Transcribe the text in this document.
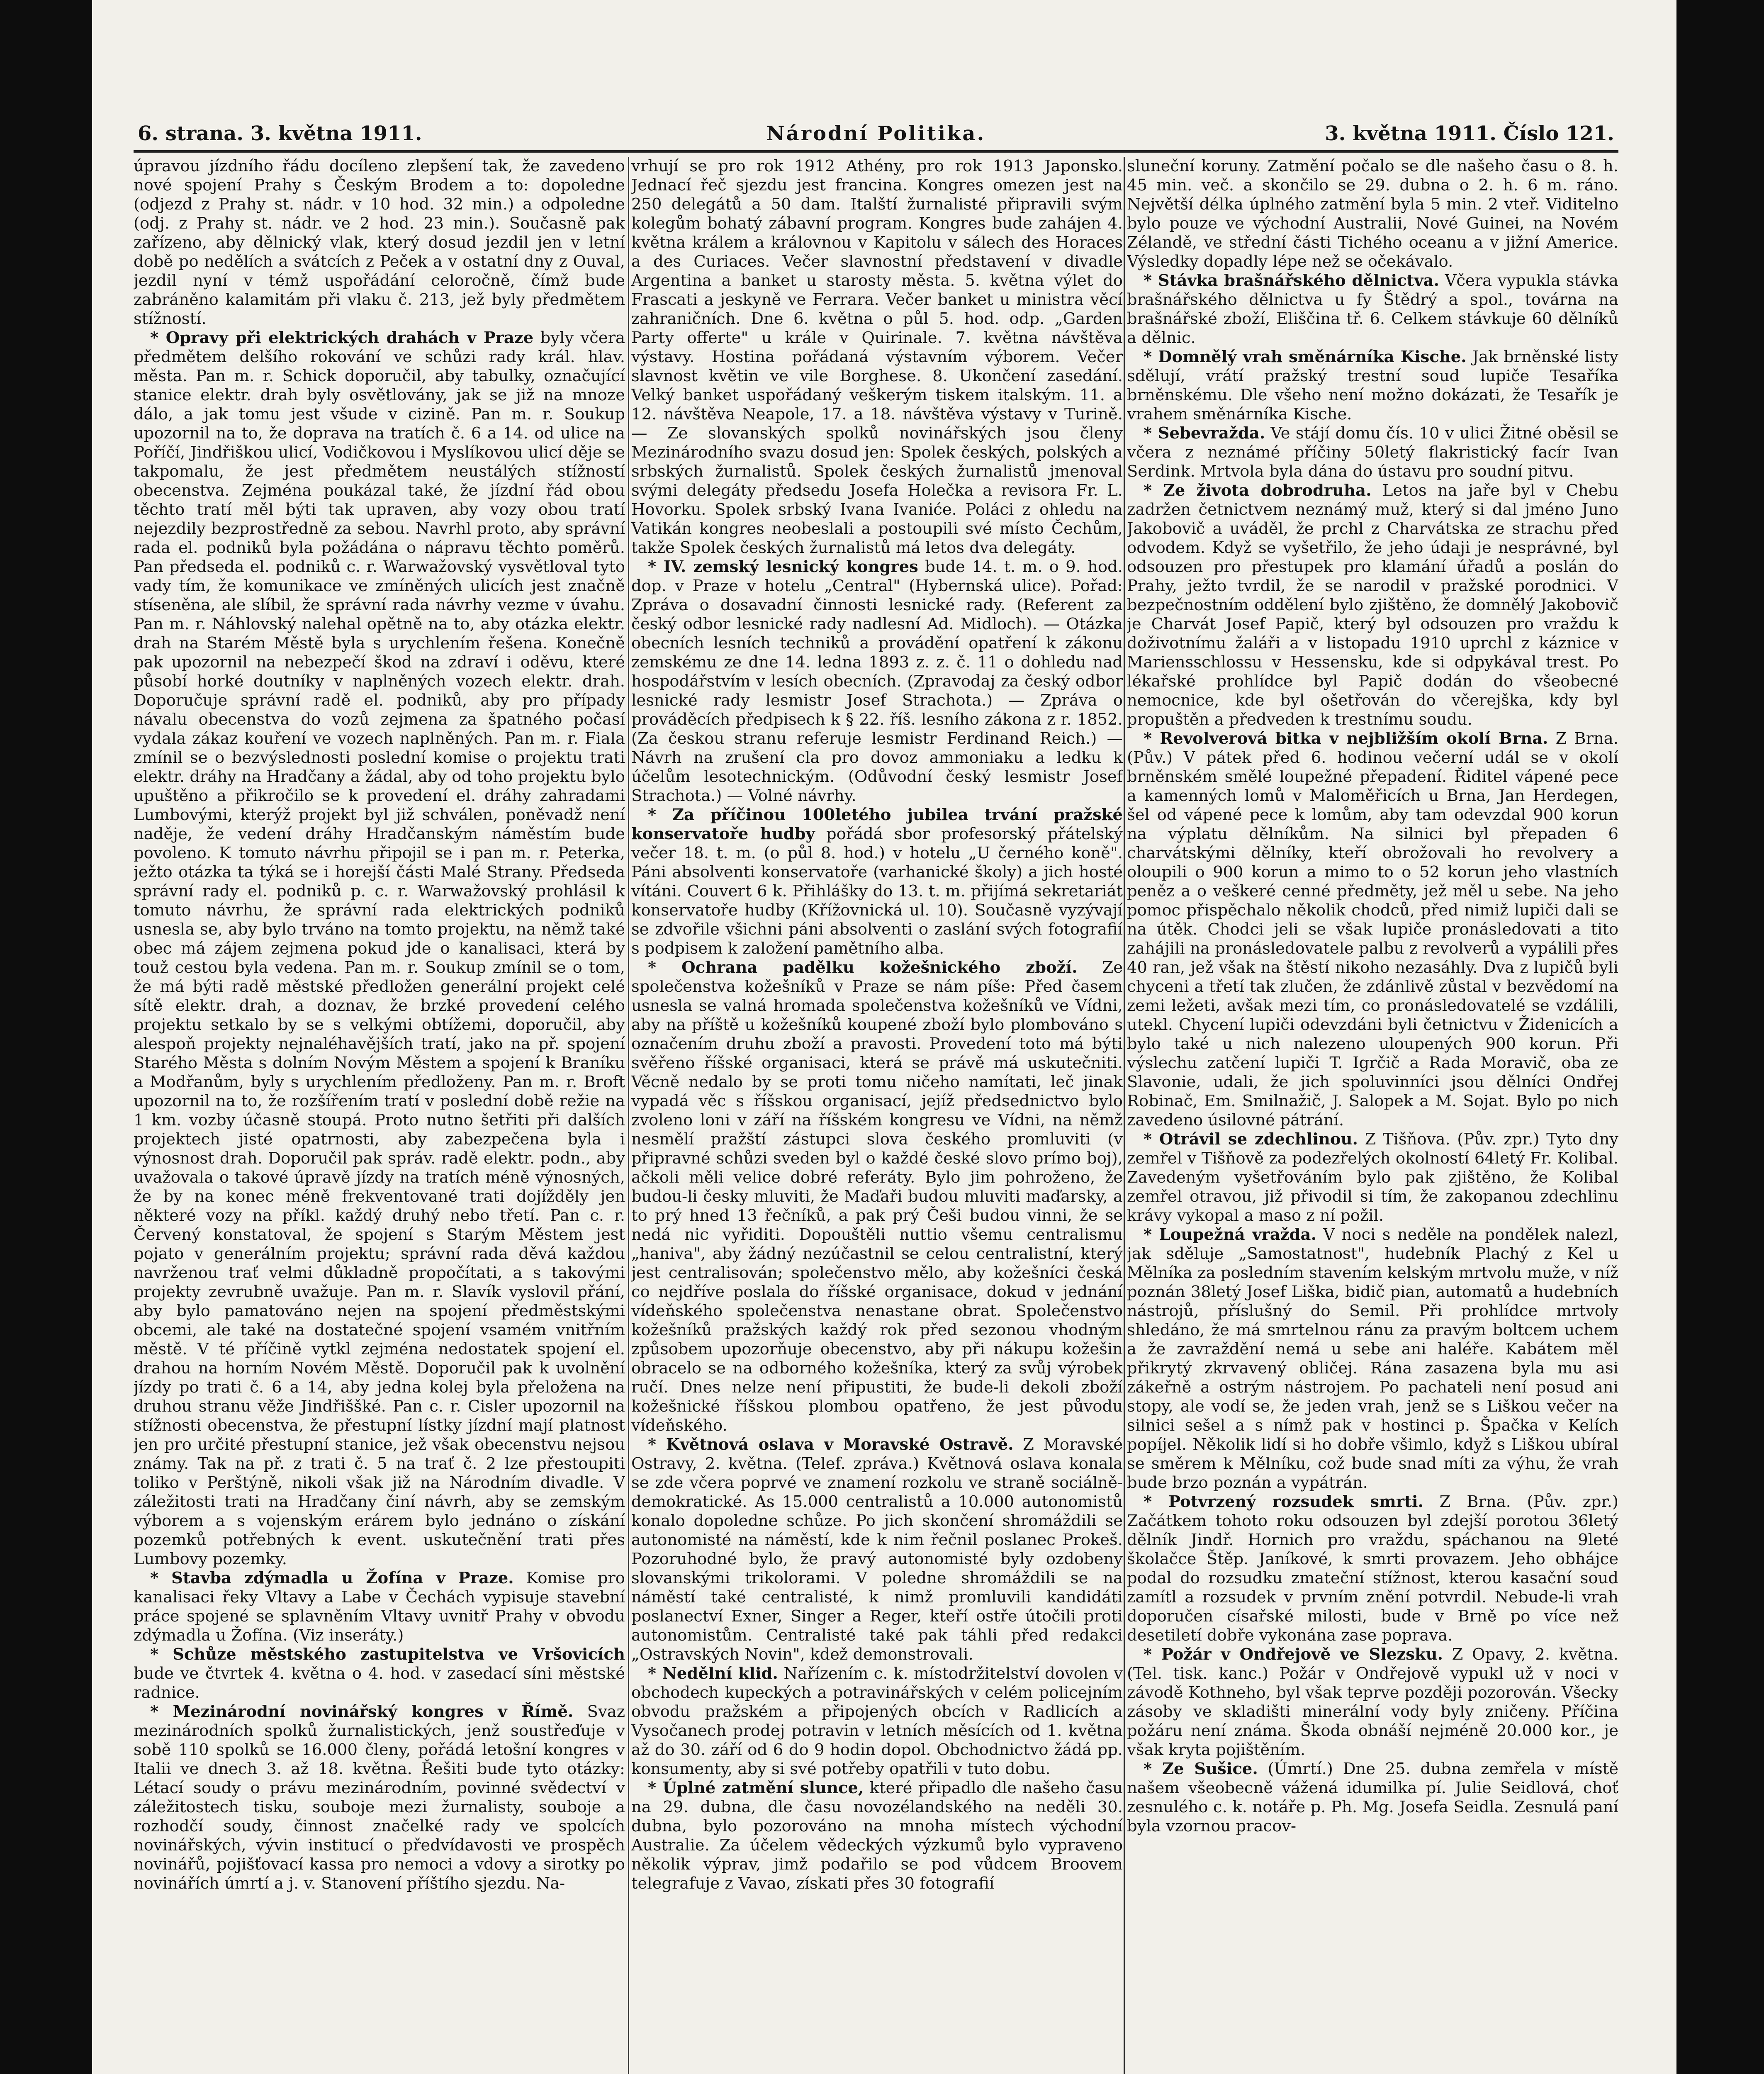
6. strana. 3. května 1911.	Národní Politika.	3. května 1911. Číslo 121.

úpravou jízdního řádu docíleno zlepšení tak, že zavedeno nové spojení Prahy s Českým Brodem a to: dopoledne (odjezd z Prahy st. nádr. v 10 hod. 32 min.) a odpoledne (odj. z Prahy st. nádr. ve 2 hod. 23 min.). Současně pak zařízeno, aby dělnický vlak, který dosud jezdil jen v letní době po nedělích a svátcích z Peček a v ostatní dny z Ouval, jezdil nyní v témž uspořádání celoročně, čímž bude zabráněno kalamitám při vlaku č. 213, jež byly předmětem stížností.

* Opravy při elektrických drahách v Praze byly včera předmětem delšího rokování ve schůzi rady král. hlav. města. Pan m. r. Schick doporučil, aby tabulky, označující stanice elektr. drah byly osvětlovány, jak se již na mnoze dálo, a jak tomu jest všude v cizině. Pan m. r. Soukup upozornil na to, že doprava na tratích č. 6 a 14. od ulice na Poříčí, Jindřiškou ulicí, Vodičkovou i Myslíkovou ulicí děje se takpomalu, že jest předmětem neustálých stížností obecenstva. Zejména poukázal také, že jízdní řád obou těchto tratí měl býti tak upraven, aby vozy obou tratí nejezdily bezprostředně za sebou. Navrhl proto, aby správní rada el. podniků byla požádána o nápravu těchto poměrů. Pan předseda el. podniků c. r. Warwažovský vysvětloval tyto vady tím, že komunikace ve zmíněných ulicích jest značně stíseněna, ale slíbil, že správní rada návrhy vezme v úvahu. Pan m. r. Náhlovský nalehal opětně na to, aby otázka elektr. drah na Starém Městě byla s urychlením řešena. Konečně pak upozornil na nebezpečí škod na zdraví i oděvu, které působí horké doutníky v naplněných vozech elektr. drah. Doporučuje správní radě el. podniků, aby pro případy návalu obecenstva do vozů zejmena za špatného počasí vydala zákaz kouření ve vozech naplněných. Pan m. r. Fiala zmínil se o bezvýslednosti poslední komise o projektu trati elektr. dráhy na Hradčany a žádal, aby od toho projektu bylo upuštěno a přikročilo se k provedení el. dráhy zahradami Lumbovými, kterýž projekt byl již schválen, poněvadž není naděje, že vedení dráhy Hradčanským náměstím bude povoleno. K tomuto návrhu připojil se i pan m. r. Peterka, ježto otázka ta týká se i horejší části Malé Strany. Předseda správní rady el. podniků p. c. r. Warwažovský prohlásil k tomuto návrhu, že správní rada elektrických podniků usnesla se, aby bylo trváno na tomto projektu, na němž také obec má zájem zejmena pokud jde o kanalisaci, která by touž cestou byla vedena. Pan m. r. Soukup zmínil se o tom, že má býti radě městské předložen generální projekt celé sítě elektr. drah, a doznav, že brzké provedení celého projektu setkalo by se s velkými obtížemi, doporučil, aby alespoň projekty nejnaléhavějších tratí, jako na př. spojení Starého Města s dolním Novým Městem a spojení k Braníku a Modřanům, byly s urychlením předloženy. Pan m. r. Broft upozornil na to, že rozšířením tratí v poslední době režie na 1 km. vozby účasně stoupá. Proto nutno šetřiti při dalších projektech jisté opatrnosti, aby zabezpečena byla i výnosnost drah. Doporučil pak správ. radě elektr. podn., aby uvažovala o takové úpravě jízdy na tratích méně výnosných, že by na konec méně frekventované trati dojížděly jen některé vozy na příkl. každý druhý nebo třetí. Pan c. r. Červený konstatoval, že spojení s Starým Městem jest pojato v generálním projektu; správní rada děvá každou navrženou trať velmi důkladně propočítati, a s takovými projekty zevrubně uvažuje. Pan m. r. Slavík vyslovil přání, aby bylo pamatováno nejen na spojení předměstskými obcemi, ale také na dostatečné spojení vsamém vnitřním městě. V té příčině vytkl zejména nedostatek spojení el. drahou na horním Novém Městě. Doporučil pak k uvolnění jízdy po trati č. 6 a 14, aby jedna kolej byla přeložena na druhou stranu věže Jindřiššké. Pan c. r. Cisler upozornil na stížnosti obecenstva, že přestupní lístky jízdní mají platnost jen pro určité přestupní stanice, jež však obecenstvu nejsou známy. Tak na př. z trati č. 5 na trať č. 2 lze přestoupiti toliko v Perštýně, nikoli však již na Národním divadle. V záležitosti trati na Hradčany činí návrh, aby se zemským výborem a s vojenským erárem bylo jednáno o získání pozemků potřebných k event. uskutečnění trati přes Lumbovy pozemky.

* Stavba zdýmadla u Žofína v Praze. Komise pro kanalisaci řeky Vltavy a Labe v Čechách vypisuje stavební práce spojené se splavněním Vltavy uvnitř Prahy v obvodu zdýmadla u Žofína. (Viz inseráty.)

* Schůze městského zastupitelstva ve Vršovicích bude ve čtvrtek 4. května o 4. hod. v zasedací síni městské radnice.

* Mezinárodní novinářský kongres v Římě. Svaz mezinárodních spolků žurnalistických, jenž soustřeďuje v sobě 110 spolků se 16.000 členy, pořádá letošní kongres v Italii ve dnech 3. až 18. května. Řešiti bude tyto otázky: Létací soudy o právu mezinárodním, povinné svědectví v záležitostech tisku, souboje mezi žurnalisty, souboje a rozhodčí soudy, činnost značelké rady ve spolcích novinářských, vývin institucí o předvídavosti ve prospěch novinářů, pojišťovací kassa pro nemoci a vdovy a sirotky po novinářích úmrtí a j. v. Stanovení příštího sjezdu. Na-

vrhují se pro rok 1912 Athény, pro rok 1913 Japonsko. Jednací řeč sjezdu jest francina. Kongres omezen jest na 250 delegátů a 50 dam. Italští žurnalisté připravili svým kolegům bohatý zábavní program. Kongres bude zahájen 4. května králem a královnou v Kapitolu v sálech des Horaces a des Curiaces. Večer slavnostní představení v divadle Argentina a banket u starosty města. 5. května výlet do Frascati a jeskyně ve Ferrara. Večer banket u ministra věcí zahraničních. Dne 6. května o půl 5. hod. odp. „Garden Party offerte" u krále v Quirinale. 7. května návštěva výstavy. Hostina pořádaná výstavním výborem. Večer slavnost květin ve vile Borghese. 8. Ukončení zasedání. Velký banket uspořádaný veškerým tiskem italským. 11. a 12. návštěva Neapole, 17. a 18. návštěva výstavy v Turině. — Ze slovanských spolků novinářských jsou členy Mezinárodního svazu dosud jen: Spolek českých, polských a srbských žurnalistů. Spolek českých žurnalistů jmenoval svými delegáty předsedu Josefa Holečka a revisora Fr. L. Hovorku. Spolek srbský Ivana Ivaniće. Poláci z ohledu na Vatikán kongres neobeslali a postoupili své místo Čechům, takže Spolek českých žurnalistů má letos dva delegáty.

* IV. zemský lesnický kongres bude 14. t. m. o 9. hod. dop. v Praze v hotelu „Central" (Hybernská ulice). Pořad: Zpráva o dosavadní činnosti lesnické rady. (Referent za český odbor lesnické rady nadlesní Ad. Midloch). — Otázka obecních lesních techniků a provádění opatření k zákonu zemskému ze dne 14. ledna 1893 z. z. č. 11 o dohledu nad hospodářstvím v lesích obecních. (Zpravodaj za český odbor lesnické rady lesmistr Josef Strachota.) — Zpráva o prováděcích předpisech k § 22. říš. lesního zákona z r. 1852. (Za českou stranu referuje lesmistr Ferdinand Reich.) — Návrh na zrušení cla pro dovoz ammoniaku a ledku k účelům lesotechnickým. (Odůvodní český lesmistr Josef Strachota.) — Volné návrhy.

* Za příčinou 100letého jubilea trvání pražské konservatoře hudby pořádá sbor profesorský přátelský večer 18. t. m. (o půl 8. hod.) v hotelu „U černého koně". Páni absolventi konservatoře (varhanické školy) a jich hosté vítáni. Couvert 6 k. Přihlášky do 13. t. m. přijímá sekretariát konservatoře hudby (Křížovnická ul. 10). Současně vyzývají se zdvořile všichni páni absolventi o zaslání svých fotografií s podpisem k založení pamětního alba.

* Ochrana padělku kožešnického zboží. Ze společenstva kožešníků v Praze se nám píše: Před časem usnesla se valná hromada společenstva kožešníků ve Vídni, aby na příště u kožešníků koupené zboží bylo plombováno s označením druhu zboží a pravosti. Provedení toto má býti svěřeno říšské organisaci, která se právě má uskutečniti. Věcně nedalo by se proti tomu ničeho namítati, leč jinak vypadá věc s říšskou organisací, jejíž předsednictvo bylo zvoleno loni v září na říšském kongresu ve Vídni, na němž nesmělí pražští zástupci slova českého promluviti (v připravné schůzi sveden byl o každé české slovo prímo boj), ačkoli měli velice dobré referáty. Bylo jim pohroženo, že budou-li česky mluviti, že Maďaři budou mluviti maďarsky, a to prý hned 13 řečníků, a pak prý Češi budou vinni, že se nedá nic vyřiditi. Dopouštěli nuttio všemu centralismu „haniva", aby žádný nezúčastnil se celou centralistní, který jest centralisován; společenstvo mělo, aby kožešníci česká co nejdříve poslala do říšské organisace, dokud v jednání vídeňského společenstva nenastane obrat. Společenstvo kožešníků pražských každý rok před sezonou vhodným způsobem upozorňuje obecenstvo, aby při nákupu kožešin obracelo se na odborného kožešníka, který za svůj výrobek ručí. Dnes nelze není připustiti, že bude-li dekoli zboží kožešnické říšskou plombou opatřeno, že jest původu vídeňského.

* Květnová oslava v Moravské Ostravě. Z Moravské Ostravy, 2. května. (Telef. zpráva.) Květnová oslava konala se zde včera poprvé ve znamení rozkolu ve straně sociálně-demokratické. As 15.000 centralistů a 10.000 autonomistů konalo dopoledne schůze. Po jich skončení shromáždili se autonomisté na náměstí, kde k nim řečnil poslanec Prokeš. Pozoruhodné bylo, že pravý autonomisté byly ozdobeny slovanskými trikolorami. V poledne shromáždili se na náměstí také centralisté, k nimž promluvili kandidáti poslanectví Exner, Singer a Reger, kteří ostře útočili proti autonomistům. Centralisté také pak táhli před redakci „Ostravských Novin", kdež demonstrovali.

* Nedělní klid. Nařízením c. k. místodržitelství dovolen v obchodech kupeckých a potravinářských v celém policejním obvodu pražském a připojených obcích v Radlicích a Vysočanech prodej potravin v letních měsících od 1. května až do 30. září od 6 do 9 hodin dopol. Obchodnictvo žádá pp. konsumenty, aby si své potřeby opatřili v tuto dobu.

* Úplné zatmění slunce, které připadlo dle našeho času na 29. dubna, dle času novozélandského na neděli 30. dubna, bylo pozorováno na mnoha místech východní Australie. Za účelem vědeckých výzkumů bylo vypraveno několik výprav, jimž podařilo se pod vůdcem Broovem telegrafuje z Vavao, získati přes 30 fotografií

sluneční koruny. Zatmění počalo se dle našeho času o 8. h. 45 min. več. a skončilo se 29. dubna o 2. h. 6 m. ráno. Největší délka úplného zatmění byla 5 min. 2 vteř. Viditelno bylo pouze ve východní Australii, Nové Guinei, na Novém Zélandě, ve střední části Tichého oceanu a v jižní Americe. Výsledky dopadly lépe než se očekávalo.

* Stávka brašnářského dělnictva. Včera vypukla stávka brašnářského dělnictva u fy Štědrý a spol., továrna na brašnářské zboží, Eliščina tř. 6. Celkem stávkuje 60 dělníků a dělnic.

* Domnělý vrah směnárníka Kische. Jak brněnské listy sdělují, vrátí pražský trestní soud lupiče Tesaříka brněnskému. Dle všeho není možno dokázati, že Tesařík je vrahem směnárníka Kische.

* Sebevražda. Ve stájí domu čís. 10 v ulici Žitné oběsil se včera z neznámé příčiny 50letý flakristický facír Ivan Serdink. Mrtvola byla dána do ústavu pro soudní pitvu.

* Ze života dobrodruha. Letos na jaře byl v Chebu zadržen četnictvem neznámý muž, který si dal jméno Juno Jakobovič a uváděl, že prchl z Charvátska ze strachu před odvodem. Když se vyšetřilo, že jeho údaji je nesprávné, byl odsouzen pro přestupek pro klamání úřadů a poslán do Prahy, ježto tvrdil, že se narodil v pražské porodnici. V bezpečnostním oddělení bylo zjištěno, že domnělý Jakobovič je Charvát Josef Papič, který byl odsouzen pro vraždu k doživotnímu žaláři a v listopadu 1910 uprchl z káznice v Mariensschlossu v Hessensku, kde si odpykával trest. Po lékařské prohlídce byl Papič dodán do všeobecné nemocnice, kde byl ošetřován do včerejška, kdy byl propuštěn a předveden k trestnímu soudu.

* Revolverová bitka v nejbližším okolí Brna. Z Brna. (Pův.) V pátek před 6. hodinou večerní udál se v okolí brněnském smělé loupežné přepadení. Řiditel vápené pece a kamenných lomů v Maloměřicích u Brna, Jan Herdegen, šel od vápené pece k lomům, aby tam odevzdal 900 korun na výplatu dělníkům. Na silnici byl přepaden 6 charvátskými dělníky, kteří obrožovali ho revolvery a oloupili o 900 korun a mimo to o 52 korun jeho vlastních peněz a o veškeré cenné předměty, jež měl u sebe. Na jeho pomoc přispěchalo několik chodců, před nimiž lupiči dali se na útěk. Chodci jeli se však lupiče pronásledovati a tito zahájili na pronásledovatele palbu z revolverů a vypálili přes 40 ran, jež však na štěstí nikoho nezasáhly. Dva z lupičů byli chyceni a třetí tak zlučen, že zdánlivě zůstal v bezvědomí na zemi ležeti, avšak mezi tím, co pronásledovatelé se vzdálili, utekl. Chycení lupiči odevzdáni byli četnictvu v Židenicích a bylo také u nich nalezeno uloupených 900 korun. Při výslechu zatčení lupiči T. Igrčič a Rada Moravič, oba ze Slavonie, udali, že jich spoluvinníci jsou dělníci Ondřej Robinač, Em. Smilnažič, J. Salopek a M. Sojat. Bylo po nich zavedeno úsilovné pátrání.

* Otrávil se zdechlinou. Z Tišňova. (Pův. zpr.) Tyto dny zemřel v Tišňově za podezřelých okolností 64letý Fr. Kolibal. Zavedeným vyšetřováním bylo pak zjištěno, že Kolibal zemřel otravou, již přivodil si tím, že zakopanou zdechlinu krávy vykopal a maso z ní požil.

* Loupežná vražda. V noci s neděle na pondělek nalezl, jak sděluje „Samostatnost", hudebník Plachý z Kel u Mělníka za posledním stavením kelským mrtvolu muže, v níž poznán 38letý Josef Liška, bidič pian, automatů a hudebních nástrojů, příslušný do Semil. Při prohlídce mrtvoly shledáno, že má smrtelnou ránu za pravým boltcem uchem a že zavraždění nemá u sebe ani haléře. Kabátem měl přikrytý zkrvavený obličej. Rána zasazena byla mu asi zákeřně a ostrým nástrojem. Po pachateli není posud ani stopy, ale vodí se, že jeden vrah, jenž se s Liškou večer na silnici sešel a s nímž pak v hostinci p. Špačka v Kelích popíjel. Několik lidí si ho dobře všimlo, když s Liškou ubíral se směrem k Mělníku, což bude snad míti za výhu, že vrah bude brzo poznán a vypátrán.

* Potvrzený rozsudek smrti. Z Brna. (Pův. zpr.) Začátkem tohoto roku odsouzen byl zdejší porotou 36letý dělník Jindř. Hornich pro vraždu, spáchanou na 9leté školačce Štěp. Janíkové, k smrti provazem. Jeho obhájce podal do rozsudku zmateční stížnost, kterou kasační soud zamítl a rozsudek v prvním znění potvrdil. Nebude-li vrah doporučen císařské milosti, bude v Brně po více než desetiletí dobře vykonána zase poprava.

* Požár v Ondřejově ve Slezsku. Z Opavy, 2. května. (Tel. tisk. kanc.) Požár v Ondřejově vypukl už v noci v závodě Kothneho, byl však teprve později pozorován. Všecky zásoby ve skladišti minerální vody byly zničeny. Příčina požáru není známa. Škoda obnáší nejméně 20.000 kor., je však kryta pojištěním.

* Ze Sušice. (Úmrtí.) Dne 25. dubna zemřela v místě našem všeobecně vážená idumilka pí. Julie Seidlová, choť zesnulého c. k. notáře p. Ph. Mg. Josefa Seidla. Zesnulá paní byla vzornou pracov-
